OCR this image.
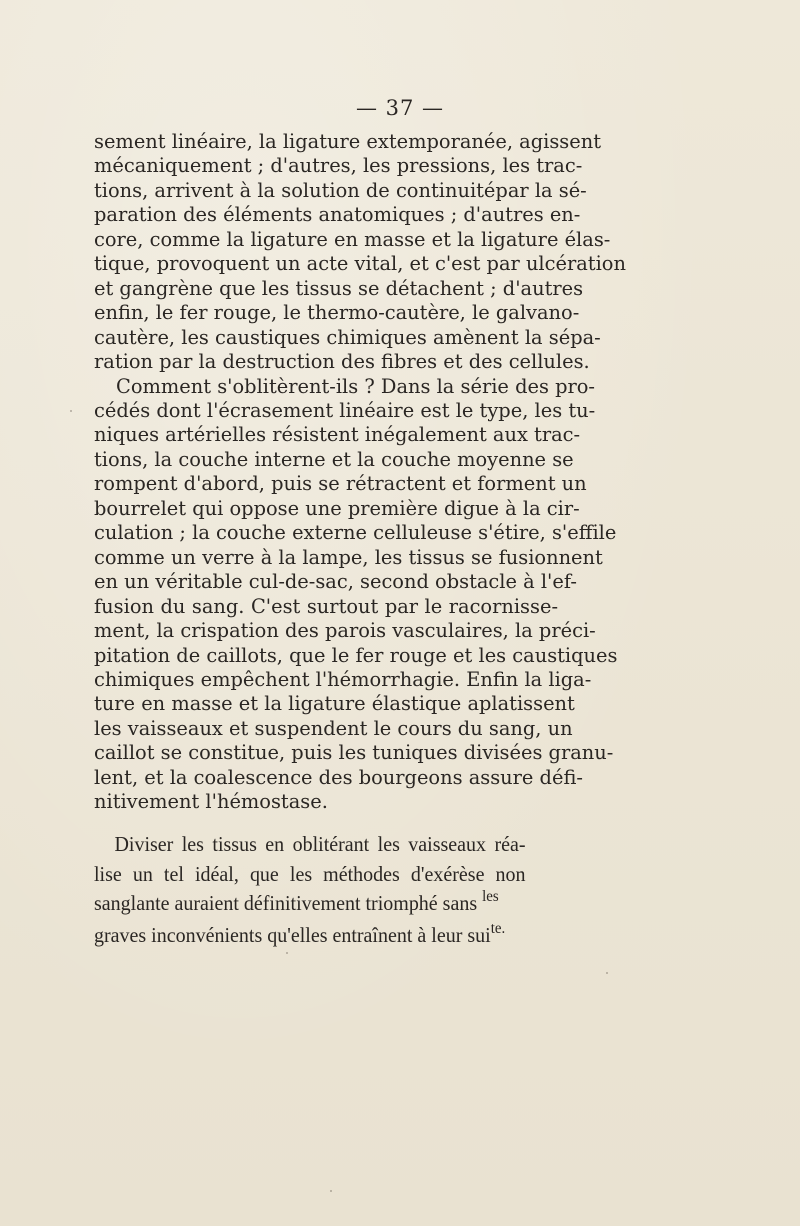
— 37 —
sement linéaire, la ligature extemporanée, agissent
mécaniquement ; d'autres, les pressions, les trac-
tions, arrivent à la solution de continuitépar la sé-
paration des éléments anatomiques ; d'autres en-
core, comme la ligature en masse et la ligature élas-
tique, provoquent un acte vital, et c'est par ulcération
et gangrène que les tissus se détachent ; d'autres
enfin, le fer rouge, le thermo-cautère, le galvano-
cautère, les caustiques chimiques amènent la sépa-
ration par la destruction des fibres et des cellules.
Comment s'oblitèrent-ils ? Dans la série des pro-
cédés dont l'écrasement linéaire est le type, les tu-
niques artérielles résistent inégalement aux trac-
tions, la couche interne et la couche moyenne se
rompent d'abord, puis se rétractent et forment un
bourrelet qui oppose une première digue à la cir-
culation ; la couche externe celluleuse s'étire, s'effile
comme un verre à la lampe, les tissus se fusionnent
en un véritable cul-de-sac, second obstacle à l'ef-
fusion du sang. C'est surtout par le racornisse-
ment, la crispation des parois vasculaires, la préci-
pitation de caillots, que le fer rouge et les caustiques
chimiques empêchent l'hémorrhagie. Enfin la liga-
ture en masse et la ligature élastique aplatissent
les vaisseaux et suspendent le cours du sang, un
caillot se constitue, puis les tuniques divisées granu-
lent, et la coalescence des bourgeons assure défi-
nitivement l'hémostase.
Diviser les tissus en oblitérant les vaisseaux réa-
lise un tel idéal, que les méthodes d'exérèse non
sanglante auraient définitivement triomphé sans $^{les}$
graves inconvénients qu'elles entraînent à leur sui$^{te.}$
